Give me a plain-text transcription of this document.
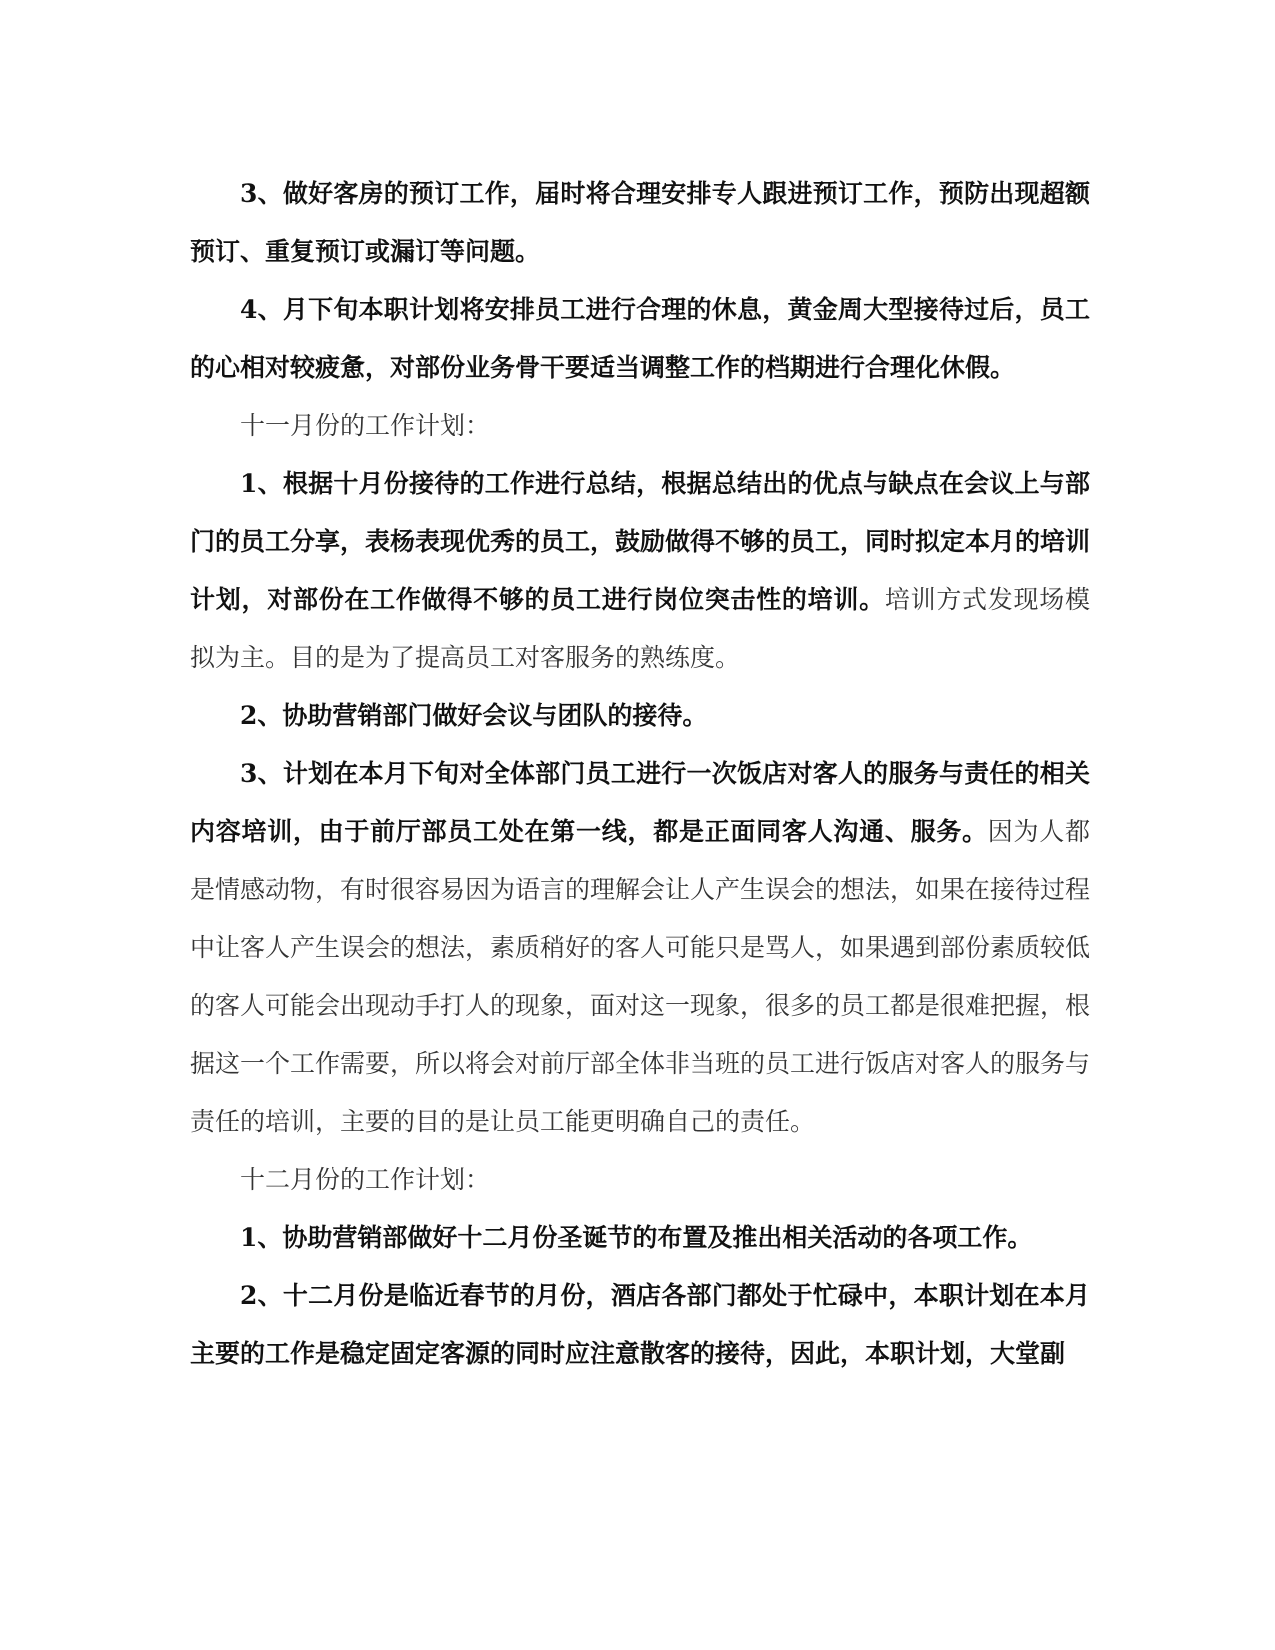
3、做好客房的预订工作，届时将合理安排专人跟进预订工作，预防出现超额预订、重复预订或漏订等问题。

4、月下旬本职计划将安排员工进行合理的休息，黄金周大型接待过后，员工的心相对较疲惫，对部份业务骨干要适当调整工作的档期进行合理化休假。

十一月份的工作计划：

1、根据十月份接待的工作进行总结，根据总结出的优点与缺点在会议上与部门的员工分享，表杨表现优秀的员工，鼓励做得不够的员工，同时拟定本月的培训计划，对部份在工作做得不够的员工进行岗位突击性的培训。培训方式发现场模拟为主。目的是为了提高员工对客服务的熟练度。

2、协助营销部门做好会议与团队的接待。

3、计划在本月下旬对全体部门员工进行一次饭店对客人的服务与责任的相关内容培训，由于前厅部员工处在第一线，都是正面同客人沟通、服务。因为人都是情感动物，有时很容易因为语言的理解会让人产生误会的想法，如果在接待过程中让客人产生误会的想法，素质稍好的客人可能只是骂人，如果遇到部份素质较低的客人可能会出现动手打人的现象，面对这一现象，很多的员工都是很难把握，根据这一个工作需要，所以将会对前厅部全体非当班的员工进行饭店对客人的服务与责任的培训，主要的目的是让员工能更明确自己的责任。

十二月份的工作计划：

1、协助营销部做好十二月份圣诞节的布置及推出相关活动的各项工作。

2、十二月份是临近春节的月份，酒店各部门都处于忙碌中，本职计划在本月主要的工作是稳定固定客源的同时应注意散客的接待，因此，本职计划，大堂副
